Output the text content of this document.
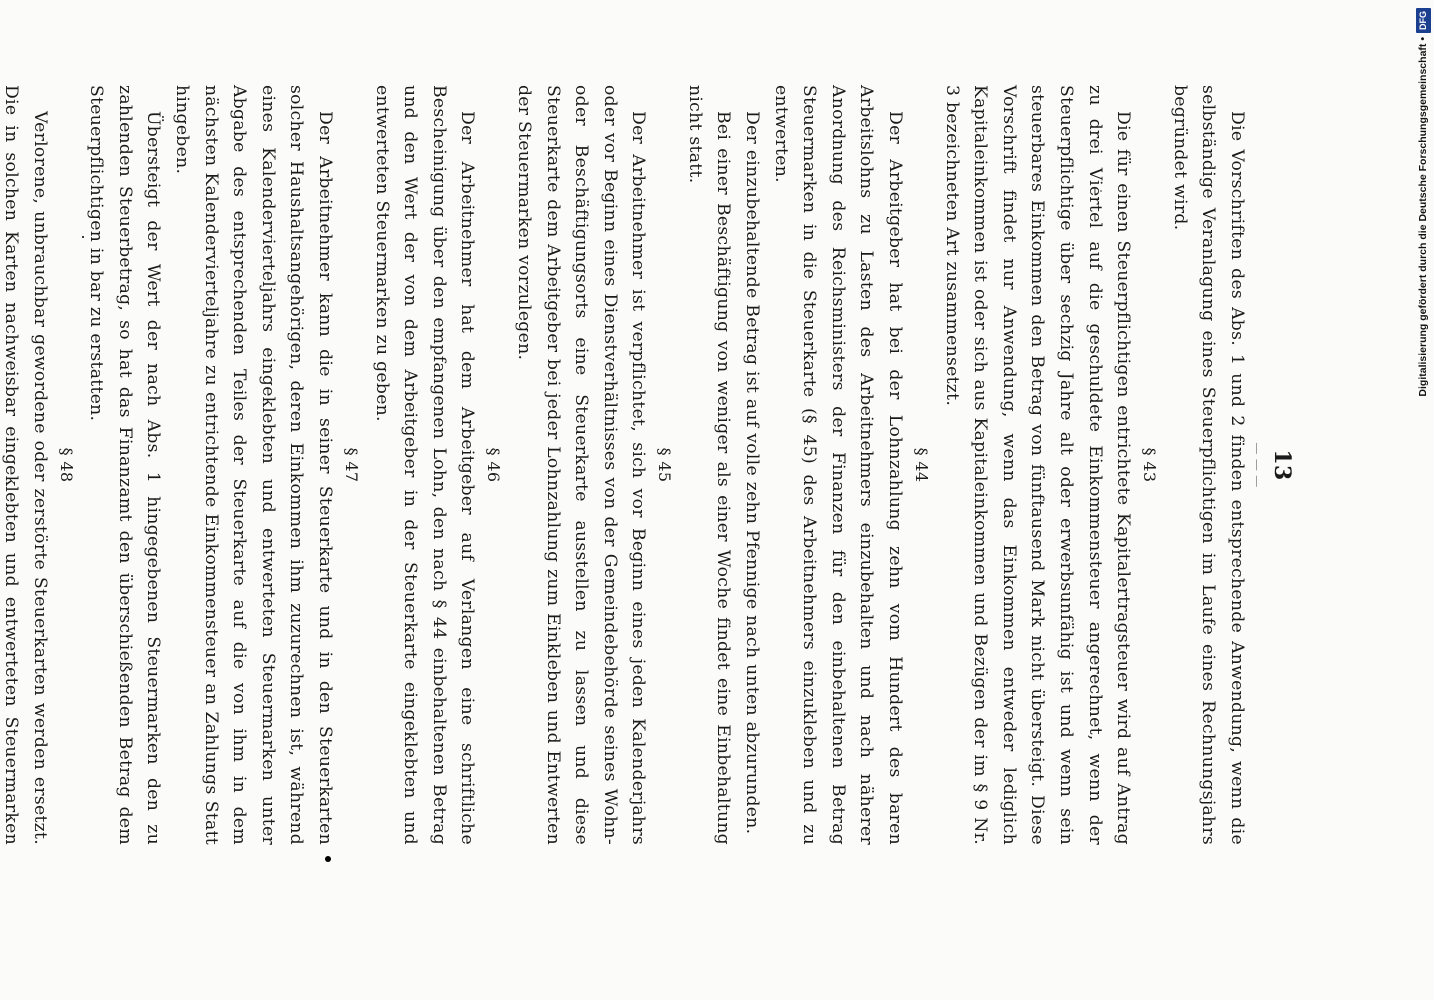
13
— — —

Die Vorschriften des Abs. 1 und 2 finden entsprechende Anwendung, wenn die selbständige Veranlagung eines Steuerpflichtigen im Laufe eines Rechnungsjahrs begründet wird.

§ 43

Die für einen Steuerpflichtigen entrichtete Kapitalertragsteuer wird auf Antrag zu drei Viertel auf die geschuldete Einkommensteuer angerechnet, wenn der Steuerpflichtige über sechzig Jahre alt oder erwerbsunfähig ist und wenn sein steuerbares Einkommen den Betrag von fünftausend Mark nicht übersteigt. Diese Vorschrift findet nur Anwendung, wenn das Einkommen entweder lediglich Kapitaleinkommen ist oder sich aus Kapitaleinkommen und Bezügen der im § 9 Nr. 3 bezeichneten Art zusammensetzt.

§ 44

Der Arbeitgeber hat bei der Lohnzahlung zehn vom Hundert des baren Arbeitslohns zu Lasten des Arbeitnehmers einzubehalten und nach näherer Anordnung des Reichsministers der Finanzen für den einbehaltenen Betrag Steuermarken in die Steuerkarte (§ 45) des Arbeitnehmers einzukleben und zu entwerten.

Der einzubehaltende Betrag ist auf volle zehn Pfennige nach unten abzurunden.

Bei einer Beschäftigung von weniger als einer Woche findet eine Einbehaltung nicht statt.

§ 45

Der Arbeitnehmer ist verpflichtet, sich vor Beginn eines jeden Kalenderjahrs oder vor Beginn eines Dienstverhältnisses von der Gemeindebehörde seines Wohn- oder Beschäftigungsorts eine Steuerkarte ausstellen zu lassen und diese Steuerkarte dem Arbeitgeber bei jeder Lohnzahlung zum Einkleben und Entwerten der Steuermarken vorzulegen.

§ 46

Der Arbeitnehmer hat dem Arbeitgeber auf Verlangen eine schriftliche Bescheinigung über den empfangenen Lohn, den nach § 44 einbehaltenen Betrag und den Wert der von dem Arbeitgeber in der Steuerkarte eingeklebten und entwerteten Steuermarken zu geben.

§ 47

Der Arbeitnehmer kann die in seiner Steuerkarte und in den Steuerkarten solcher Haushaltsangehörigen, deren Einkommen ihm zuzurechnen ist, während eines Kalendervierteljahrs eingeklebten und entwerteten Steuermarken unter Abgabe des entsprechenden Teiles der Steuerkarte auf die von ihm in dem nächsten Kalendervierteljahre zu entrichtende Einkommensteuer an Zahlungs Statt hingeben.

Übersteigt der Wert der nach Abs. 1 hingegebenen Steuermarken den zu zahlenden Steuerbetrag, so hat das Finanzamt den überschießenden Betrag dem Steuerpflichtigen in bar zu erstatten.

§ 48

Verlorene, unbrauchbar gewordene oder zerstörte Steuerkarten werden ersetzt. Die in solchen Karten nachweisbar eingeklebten und entwerteten Steuermarken

Digitalisierung gefördert durch die Deutsche Forschungsgemeinschaft •
DFG
